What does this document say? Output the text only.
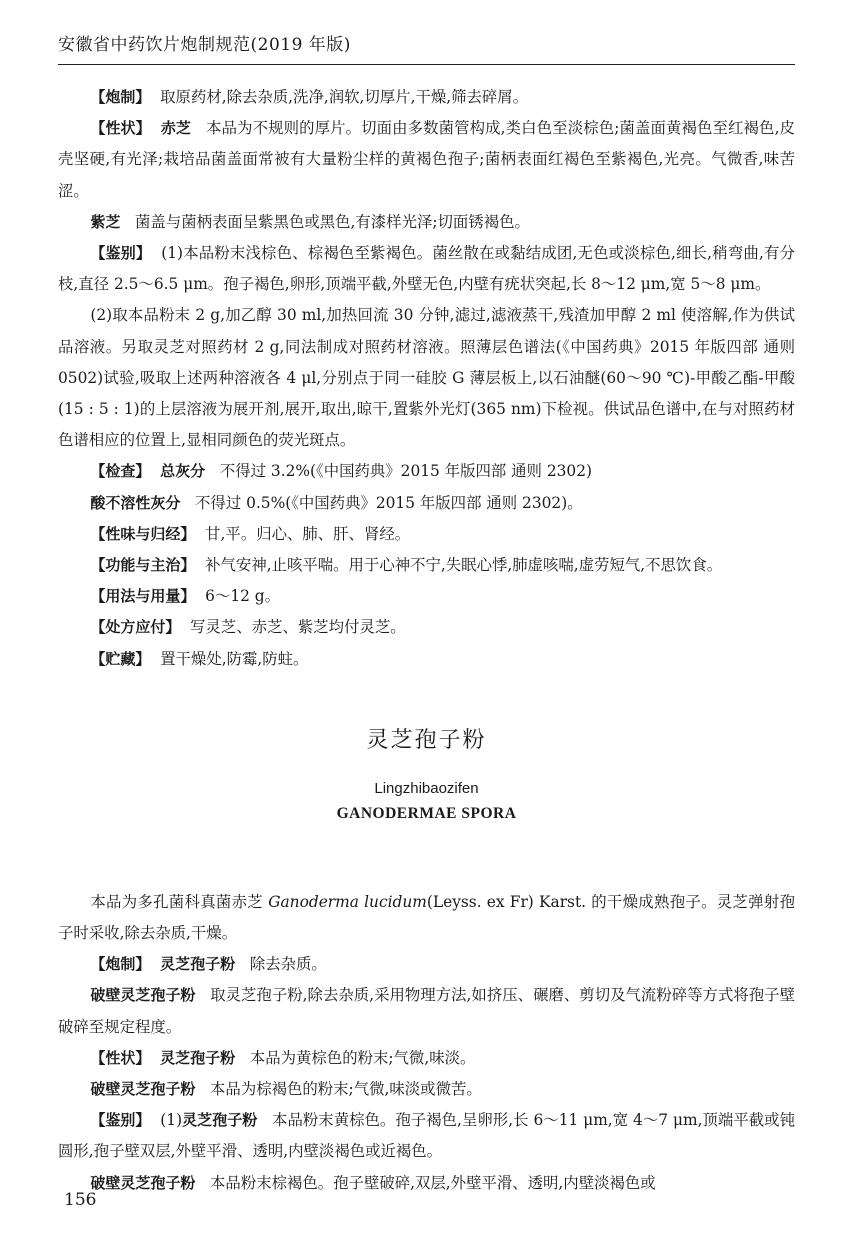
安徽省中药饮片炮制规范(2019 年版)

【炮制】 取原药材,除去杂质,洗净,润软,切厚片,干燥,筛去碎屑。

【性状】 赤芝 本品为不规则的厚片。切面由多数菌管构成,类白色至淡棕色;菌盖面黄褐色至红褐色,皮壳坚硬,有光泽;栽培品菌盖面常被有大量粉尘样的黄褐色孢子;菌柄表面红褐色至紫褐色,光亮。气微香,味苦涩。

紫芝 菌盖与菌柄表面呈紫黑色或黑色,有漆样光泽;切面锈褐色。

【鉴别】 (1)本品粉末浅棕色、棕褐色至紫褐色。菌丝散在或黏结成团,无色或淡棕色,细长,稍弯曲,有分枝,直径 2.5～6.5 μm。孢子褐色,卵形,顶端平截,外壁无色,内壁有疣状突起,长 8～12 μm,宽 5～8 μm。

(2)取本品粉末 2 g,加乙醇 30 ml,加热回流 30 分钟,滤过,滤液蒸干,残渣加甲醇 2 ml 使溶解,作为供试品溶液。另取灵芝对照药材 2 g,同法制成对照药材溶液。照薄层色谱法(《中国药典》2015 年版四部 通则 0502)试验,吸取上述两种溶液各 4 μl,分别点于同一硅胶 G 薄层板上,以石油醚(60～90 ℃)-甲酸乙酯-甲酸(15 : 5 : 1)的上层溶液为展开剂,展开,取出,晾干,置紫外光灯(365 nm)下检视。供试品色谱中,在与对照药材色谱相应的位置上,显相同颜色的荧光斑点。

【检查】 总灰分 不得过 3.2%(《中国药典》2015 年版四部 通则 2302)

酸不溶性灰分 不得过 0.5%(《中国药典》2015 年版四部 通则 2302)。

【性味与归经】 甘,平。归心、肺、肝、肾经。

【功能与主治】 补气安神,止咳平喘。用于心神不宁,失眠心悸,肺虚咳喘,虚劳短气,不思饮食。

【用法与用量】 6～12 g。

【处方应付】 写灵芝、赤芝、紫芝均付灵芝。

【贮藏】 置干燥处,防霉,防蛀。

灵芝孢子粉
Lingzhibaozifen
GANODERMAE SPORA

本品为多孔菌科真菌赤芝 Ganoderma lucidum(Leyss. ex Fr) Karst. 的干燥成熟孢子。灵芝弹射孢子时采收,除去杂质,干燥。

【炮制】 灵芝孢子粉 除去杂质。

破壁灵芝孢子粉 取灵芝孢子粉,除去杂质,采用物理方法,如挤压、碾磨、剪切及气流粉碎等方式将孢子壁破碎至规定程度。

【性状】 灵芝孢子粉 本品为黄棕色的粉末;气微,味淡。

破壁灵芝孢子粉 本品为棕褐色的粉末;气微,味淡或微苦。

【鉴别】 (1)灵芝孢子粉 本品粉末黄棕色。孢子褐色,呈卵形,长 6～11 μm,宽 4～7 μm,顶端平截或钝圆形,孢子壁双层,外壁平滑、透明,内壁淡褐色或近褐色。

破壁灵芝孢子粉 本品粉末棕褐色。孢子壁破碎,双层,外壁平滑、透明,内壁淡褐色或

156
